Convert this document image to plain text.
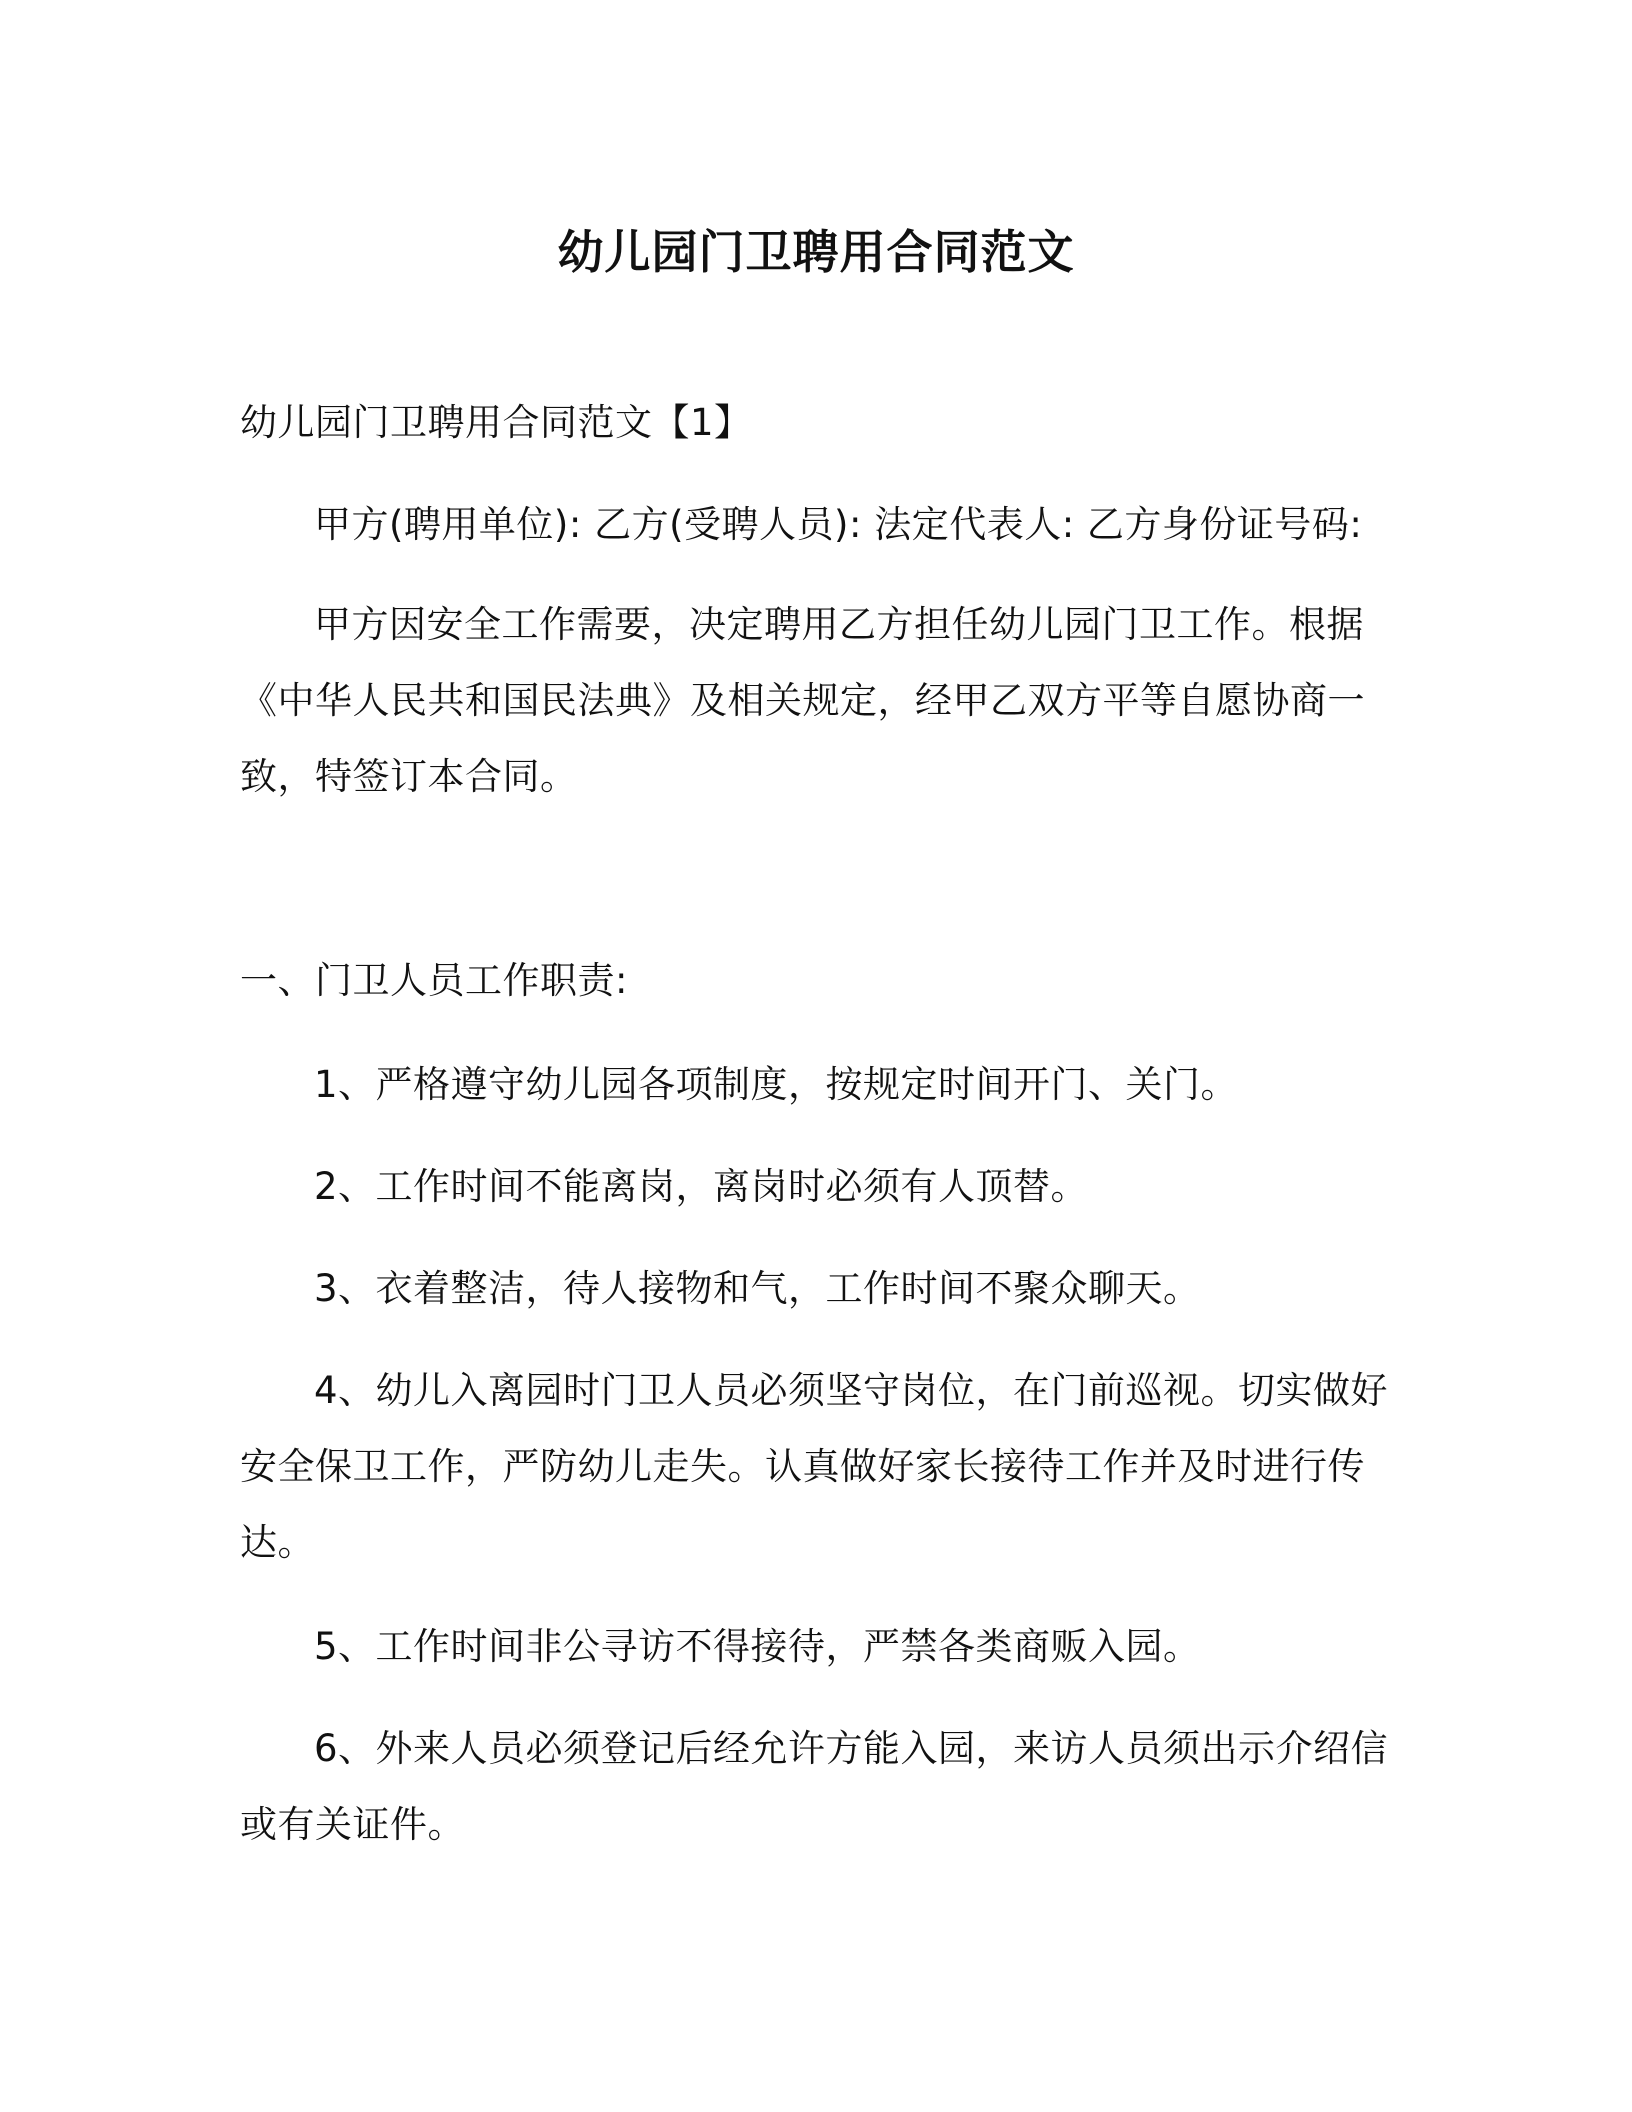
幼儿园门卫聘用合同范文
幼儿园门卫聘用合同范文【1】
甲方(聘用单位): 乙方(受聘人员): 法定代表人: 乙方身份证号码:
甲方因安全工作需要，决定聘用乙方担任幼儿园门卫工作。根据
《中华人民共和国民法典》及相关规定，经甲乙双方平等自愿协商一
致，特签订本合同。
一、门卫人员工作职责:
1、严格遵守幼儿园各项制度，按规定时间开门、关门。
2、工作时间不能离岗，离岗时必须有人顶替。
3、衣着整洁，待人接物和气，工作时间不聚众聊天。
4、幼儿入离园时门卫人员必须坚守岗位，在门前巡视。切实做好
安全保卫工作，严防幼儿走失。认真做好家长接待工作并及时进行传
达。
5、工作时间非公寻访不得接待，严禁各类商贩入园。
6、外来人员必须登记后经允许方能入园，来访人员须出示介绍信
或有关证件。
